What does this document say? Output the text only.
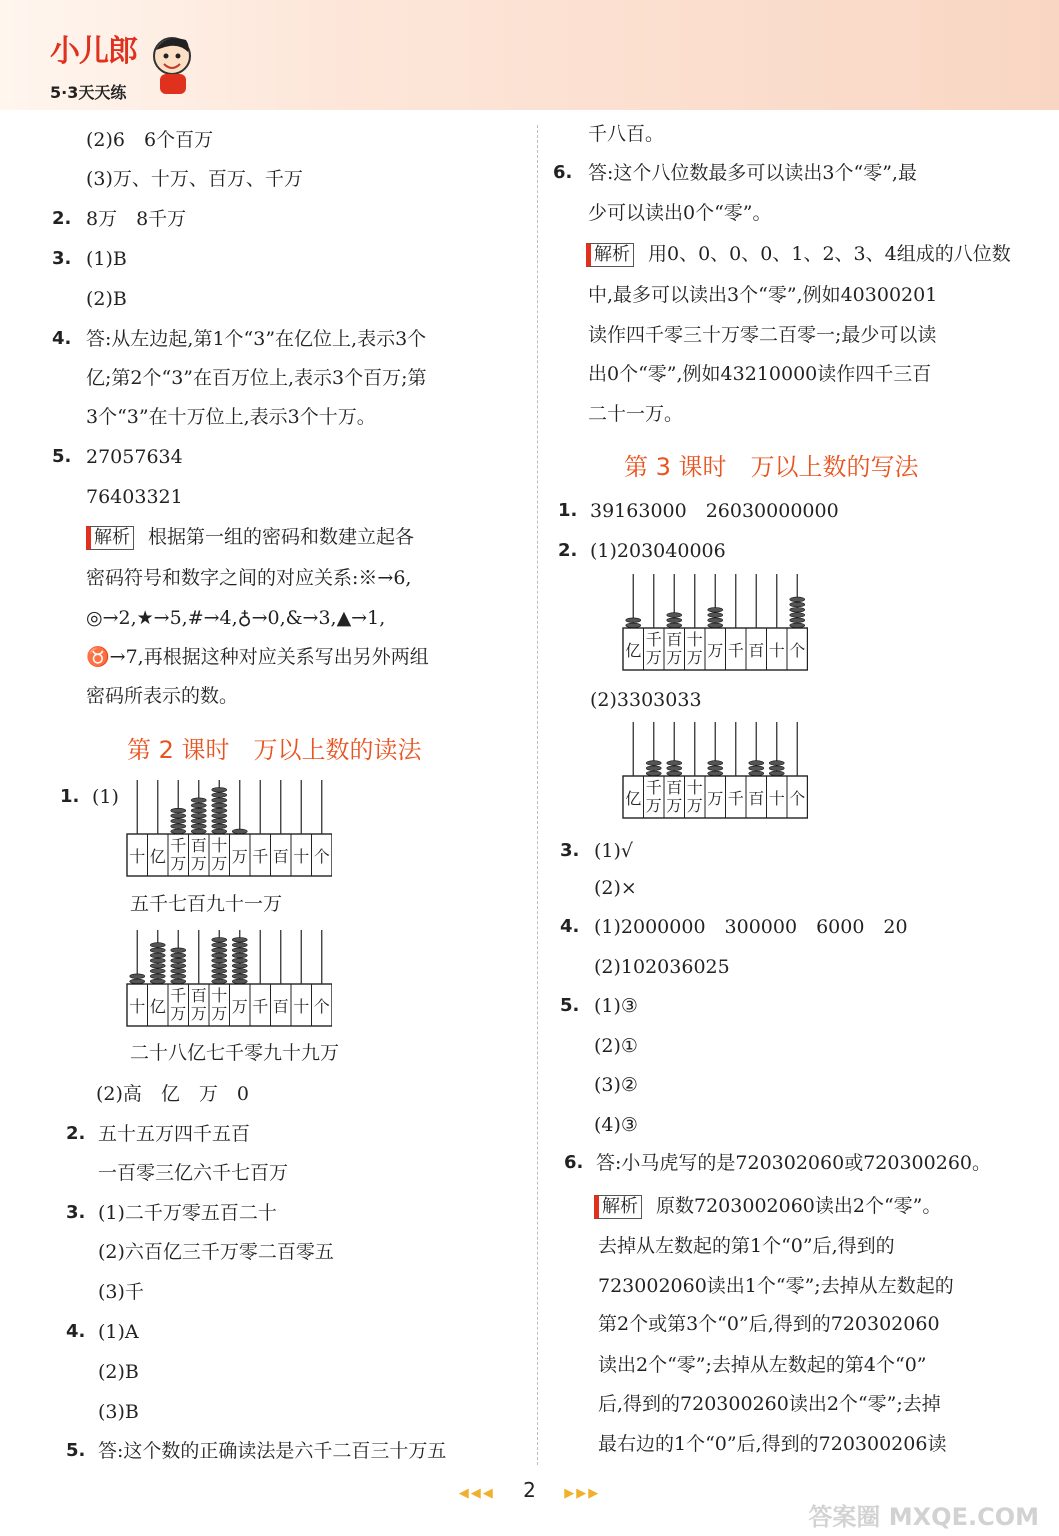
小儿郎
5·3天天练
(2)6　6个百万
(3)万、十万、百万、千万
2. 8万　8千万
3. (1)B
(2)B
4. 答:从左边起,第1个“3”在亿位上,表示3个
亿;第2个“3”在百万位上,表示3个百万;第
3个“3”在十万位上,表示3个十万。
5. 27057634
76403321
解析 根据第一组的密码和数建立起各
密码符号和数字之间的对应关系:※→6,
◎→2,★→5,#→4,♁→0,&→3,▲→1,
♉→7,再根据这种对应关系写出另外两组
密码所表示的数。
第 2 课时　万以上数的读法
1. (1)
十 亿
千
万
百
万
十
万 万 千 百 十 个
五千七百九十一万
十 亿
千
万
百
万
十
万 万 千 百 十 个
二十八亿七千零九十九万
(2)高　亿　万　0
2. 五十五万四千五百
一百零三亿六千七百万
3. (1)二千万零五百二十
(2)六百亿三千万零二百零五
(3)千
4. (1)A
(2)B
(3)B
5. 答:这个数的正确读法是六千二百三十万五
千八百。
6. 答:这个八位数最多可以读出3个“零”,最
少可以读出0个“零”。
解析 用0、0、0、0、1、2、3、4组成的八位数
中,最多可以读出3个“零”,例如40300201
读作四千零三十万零二百零一;最少可以读
出0个“零”,例如43210000读作四千三百
二十一万。
第 3 课时　万以上数的写法
1. 39163000　26030000000
2. (1)203040006
亿
千
万
百
万
十
万 万 千 百 十 个
(2)3303033
亿
千
万
百
万
十
万 万 千 百 十 个
3. (1)√
(2)×
4. (1)2000000　300000　6000　20
(2)102036025
5. (1)③
(2)①
(3)②
(4)③
6. 答:小马虎写的是720302060或720300260。
解析 原数7203002060读出2个“零”。
去掉从左数起的第1个“0”后,得到的
723002060读出1个“零”;去掉从左数起的
第2个或第3个“0”后,得到的720302060
读出2个“零”;去掉从左数起的第4个“0”
后,得到的720300260读出2个“零”;去掉
最右边的1个“0”后,得到的720300206读
◀◀◀ 2 ▶▶▶
答案圈 MXQE.COM
